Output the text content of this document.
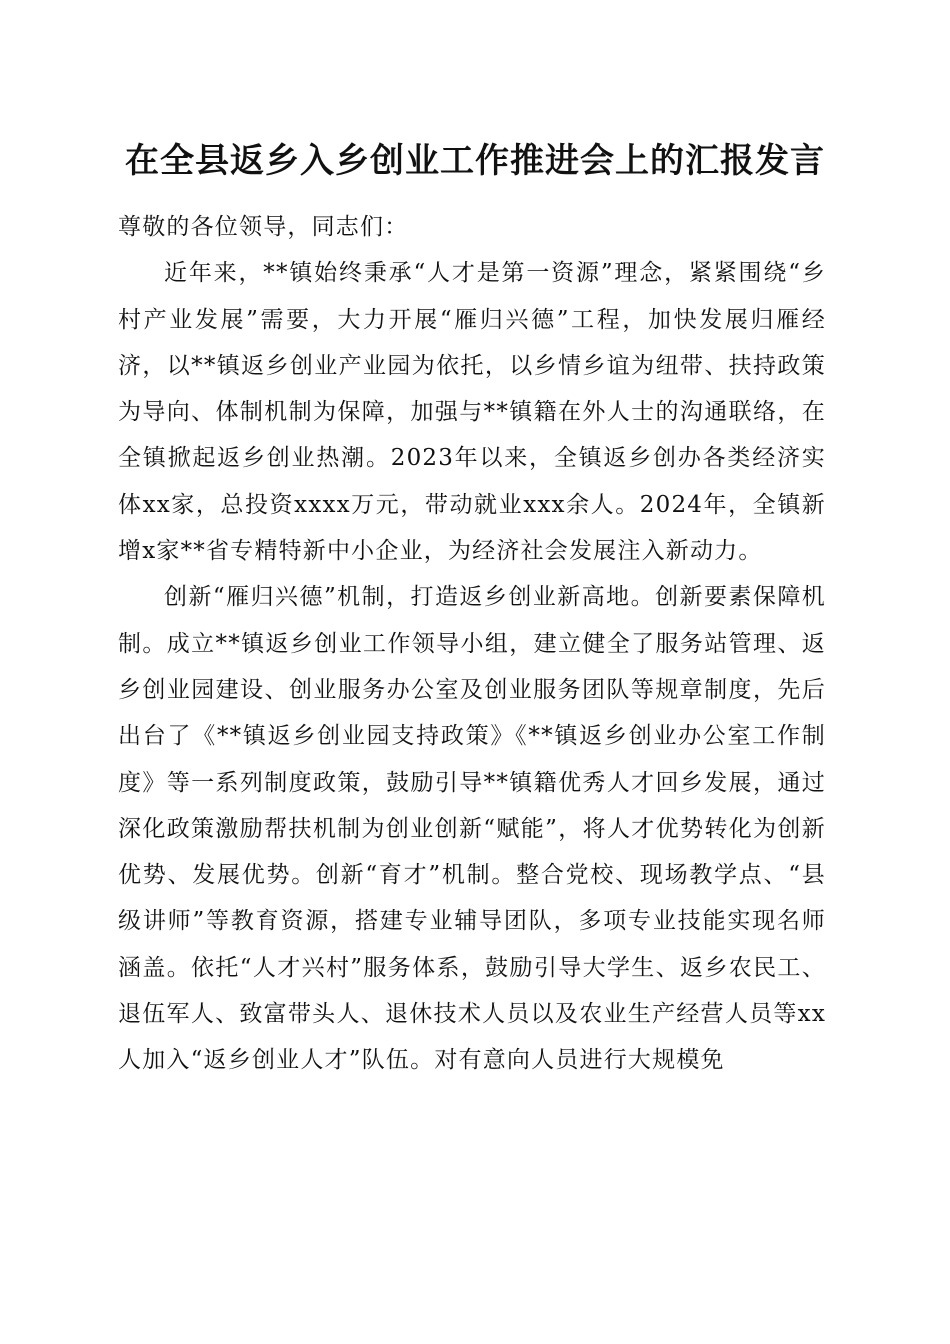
在全县返乡入乡创业工作推进会上的汇报发言

尊敬的各位领导，同志们：

近年来，**镇始终秉承“人才是第一资源”理念，紧紧围绕“乡村产业发展”需要，大力开展“雁归兴德”工程，加快发展归雁经济，以**镇返乡创业产业园为依托，以乡情乡谊为纽带、扶持政策为导向、体制机制为保障，加强与**镇籍在外人士的沟通联络，在全镇掀起返乡创业热潮。2023年以来，全镇返乡创办各类经济实体xx家，总投资xxxx万元，带动就业xxx余人。2024年，全镇新增x家**省专精特新中小企业，为经济社会发展注入新动力。

创新“雁归兴德”机制，打造返乡创业新高地。创新要素保障机制。成立**镇返乡创业工作领导小组，建立健全了服务站管理、返乡创业园建设、创业服务办公室及创业服务团队等规章制度，先后出台了《**镇返乡创业园支持政策》《**镇返乡创业办公室工作制度》等一系列制度政策，鼓励引导**镇籍优秀人才回乡发展，通过深化政策激励帮扶机制为创业创新“赋能”，将人才优势转化为创新优势、发展优势。创新“育才”机制。整合党校、现场教学点、“县级讲师”等教育资源，搭建专业辅导团队，多项专业技能实现名师涵盖。依托“人才兴村”服务体系，鼓励引导大学生、返乡农民工、退伍军人、致富带头人、退休技术人员以及农业生产经营人员等xx人加入“返乡创业人才”队伍。对有意向人员进行大规模免
